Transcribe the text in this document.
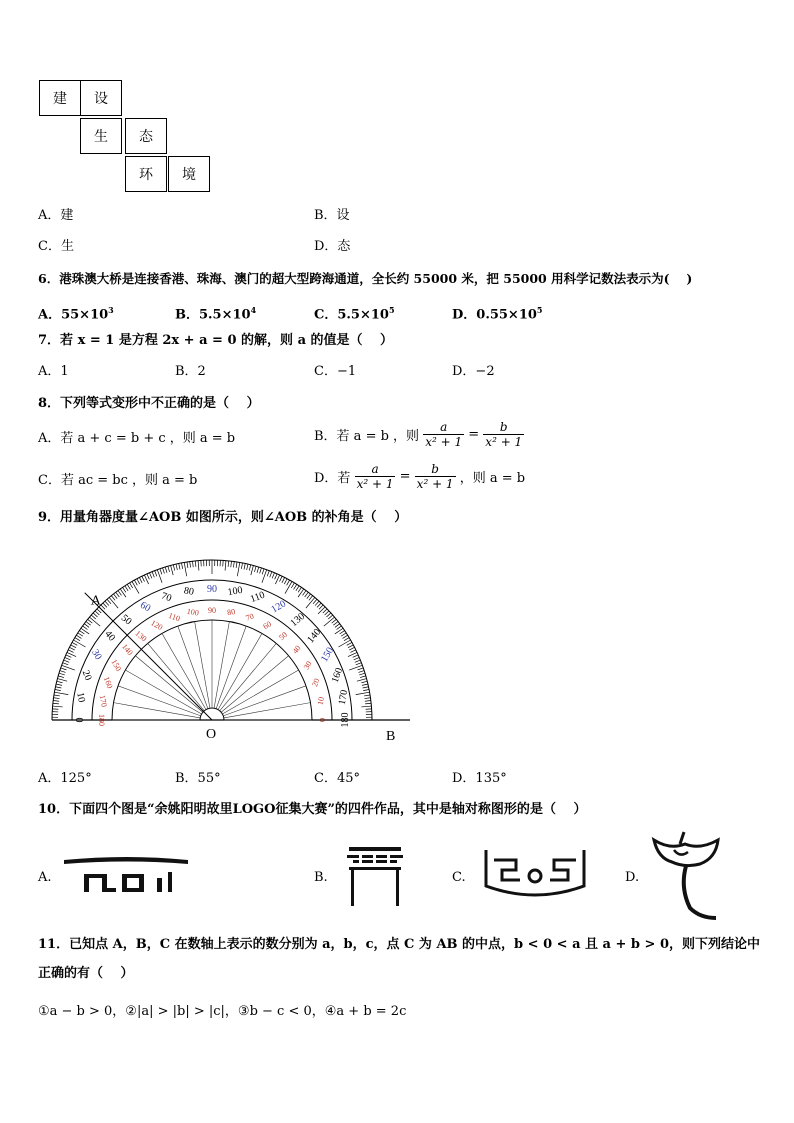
建	设
生	态
环	境
A．建	B．设
C．生	D．态
6．港珠澳大桥是连接香港、珠海、澳门的超大型跨海通道，全长约 55000 米，把 55000 用科学记数法表示为(　 )
A．$55\times 10^3$	B．$5.5\times 10^4$	C．$5.5\times 10^5$	D．$0.55\times 10^5$
7．若 x = 1 是方程 2x + a = 0 的解，则 a 的值是（　 ）
A．1	B．2	C．−1	D．−2
8．下列等式变形中不正确的是（　 ）
A．若 a + c = b + c ，则 a = b	B．若 a = b ，则 $\frac{a}{\text{x² + 1}} = \frac{b}{\text{x² + 1}}$
C．若 ac = bc ，则 a = b	D．若 $\frac{a}{\text{x² + 1}} = \frac{b}{\text{x² + 1}}$ ，则 a = b
9．用量角器度量∠AOB 如图所示，则∠AOB 的补角是（　 ）
0 180
10 170
20
160
30
150
40
140
50
130
60
120
70
110
80
100
90
90
100
80
110
70
120
60 130
50 140
40 150
30
160
20
170
10
180
0
A
O	B
A．125°	B．55°	C．45°	D．135°
10．下面四个图是“余姚阳明故里LOGO征集大赛”的四件作品，其中是轴对称图形的是（　 ）
A.	B.	C.	D.
11．已知点 A，B，C 在数轴上表示的数分别为 a，b，c，点 C 为 AB 的中点，b < 0 < a 且 a + b > 0，则下列结论中
正确的有（　 ）
①a − b > 0，②|a| > |b| > |c|，③b − c < 0，④a + b = 2c
